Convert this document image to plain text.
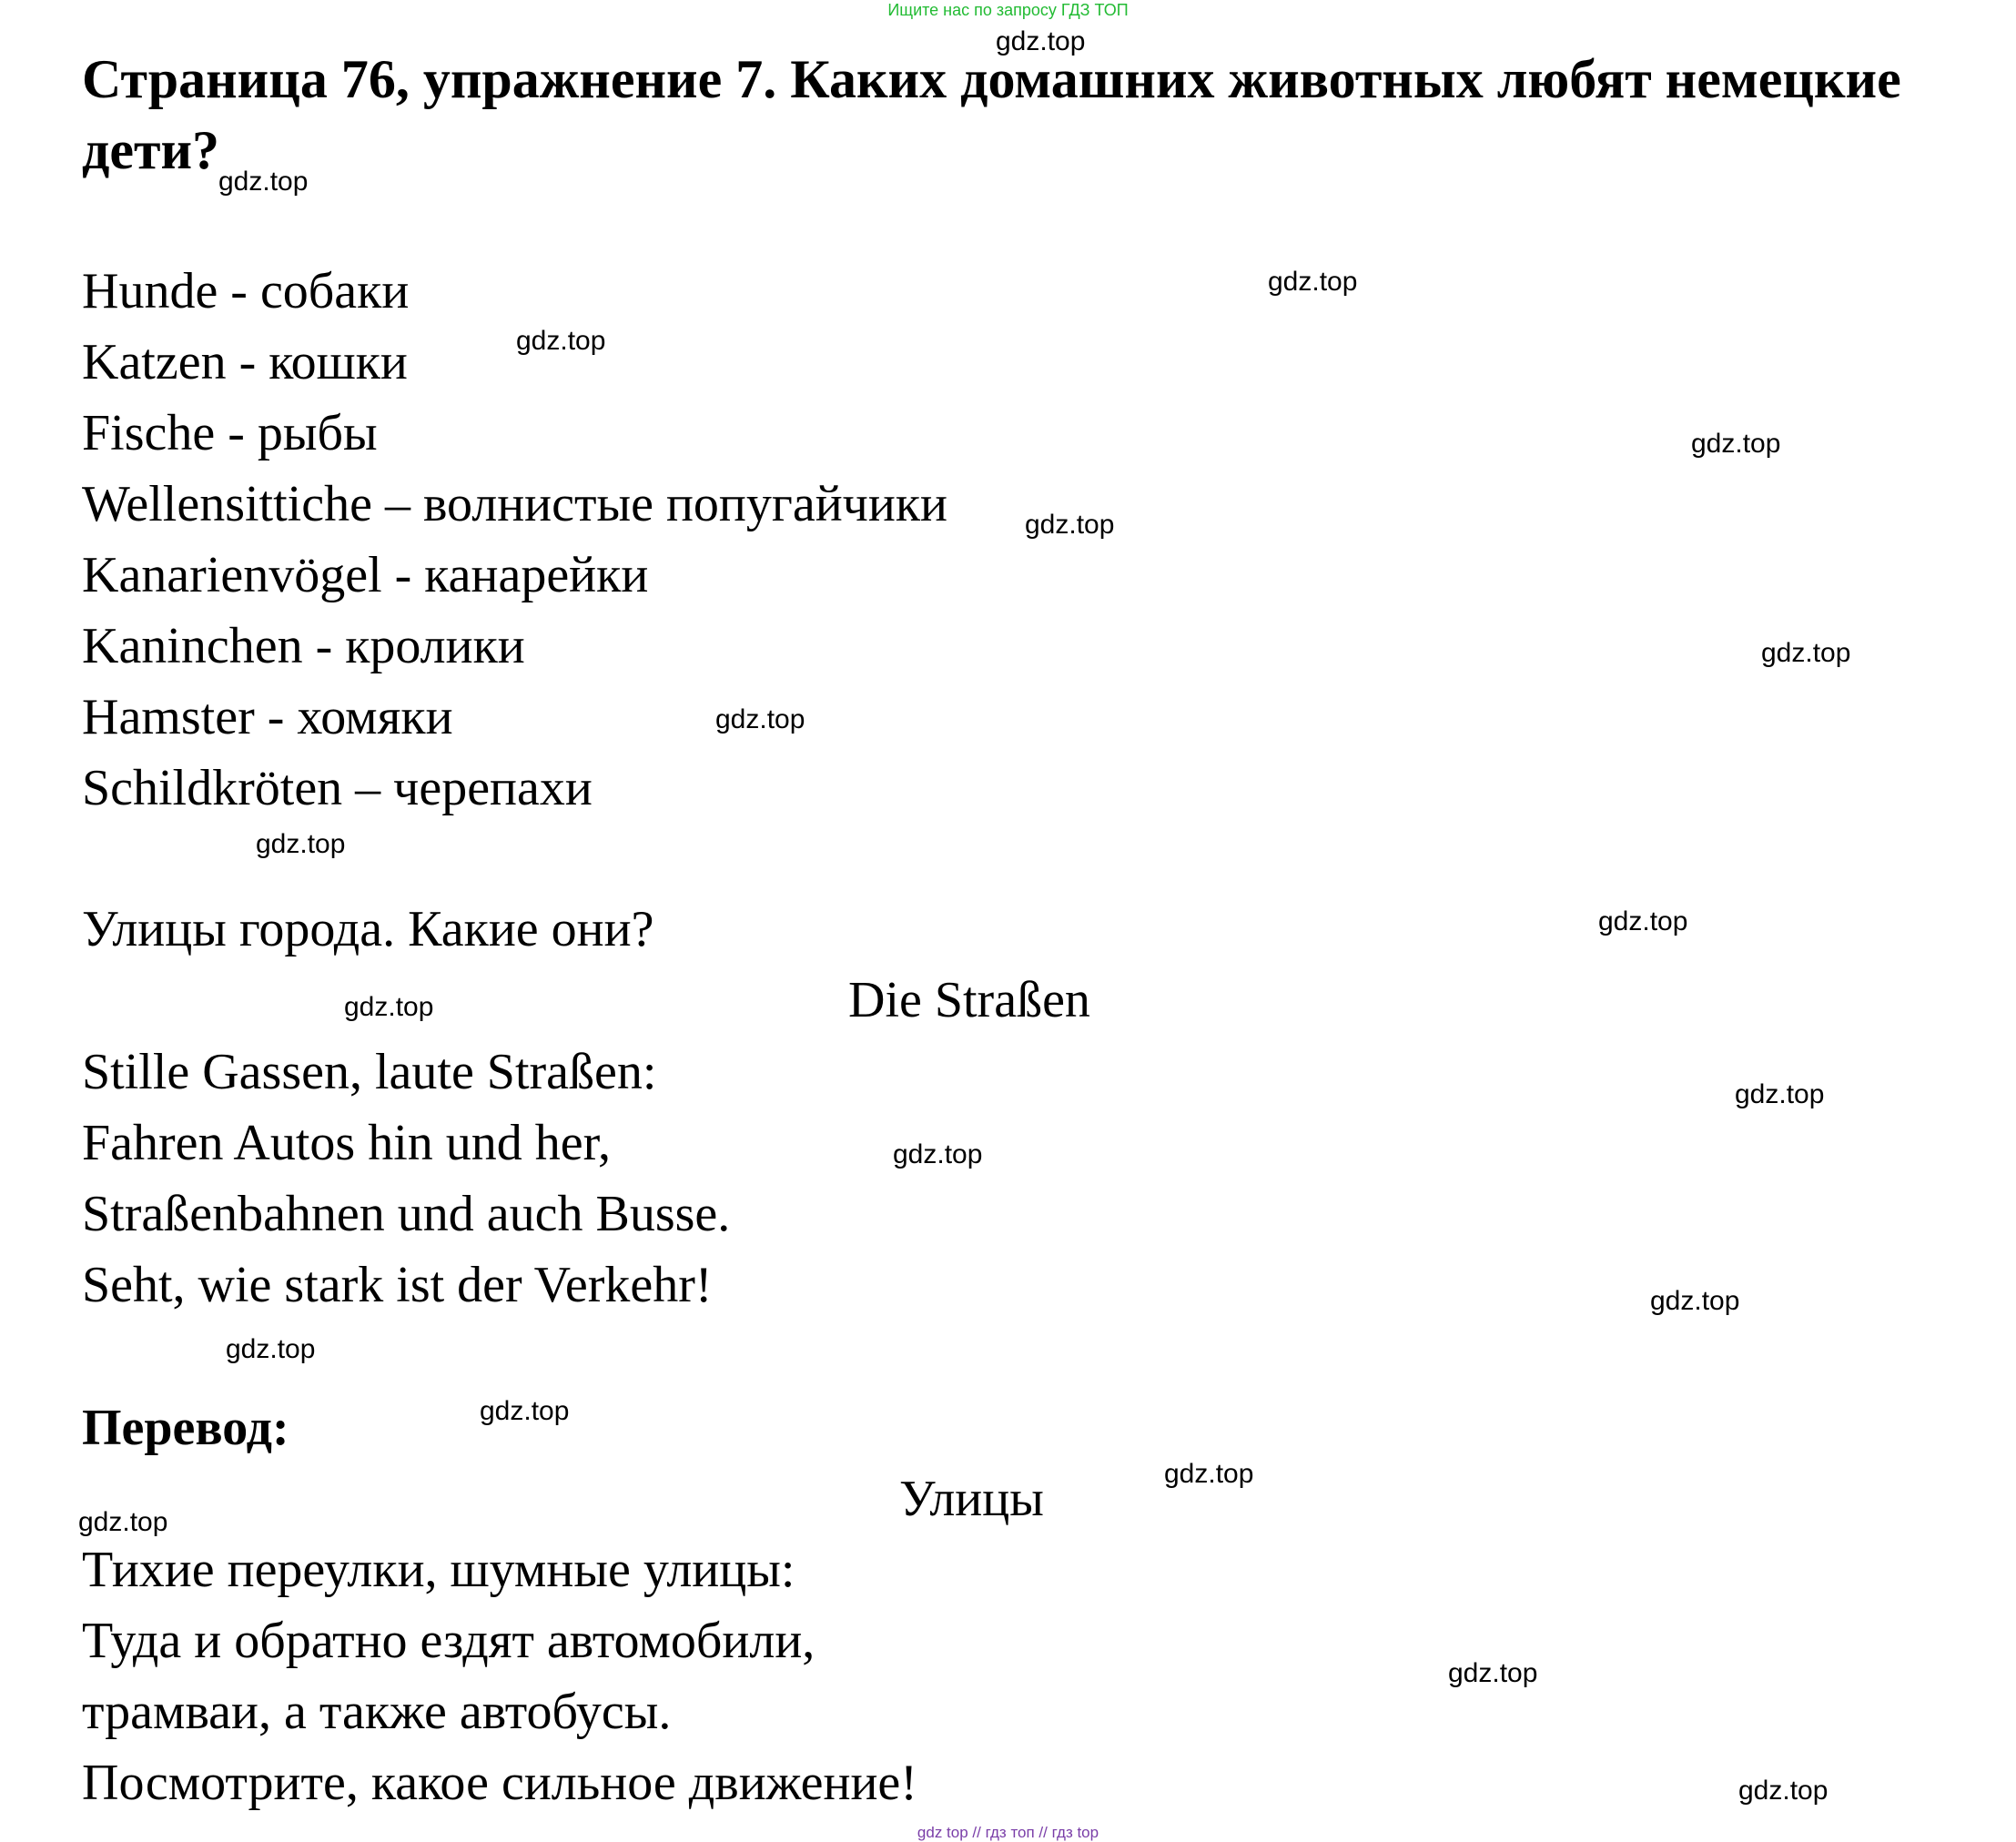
Ищите нас по запросу ГДЗ ТОП
Страница 76, упражнение 7. Каких домашних животных любят немецкие дети?
Hunde - собаки
Katzen - кошки
Fische - рыбы
Wellensittiche – волнистые попугайчики
Kanarienvögel - канарейки
Kaninchen - кролики
Hamster - хомяки
Schildkröten – черепахи
Улицы города. Какие они?
Die Straßen
Stille Gassen, laute Straßen:
Fahren Autos hin und her,
Straßenbahnen und auch Busse.
Seht, wie stark ist der Verkehr!
Перевод:
Улицы
Тихие переулки, шумные улицы:
Туда и обратно ездят автомобили,
трамваи, а также автобусы.
Посмотрите, какое сильное движение!
gdz.top
gdz.top
gdz.top
gdz.top
gdz.top
gdz.top
gdz.top
gdz.top
gdz.top
gdz.top
gdz.top
gdz.top
gdz.top
gdz.top
gdz.top
gdz.top
gdz.top
gdz.top
gdz.top
gdz.top
gdz top // гдз топ // гдз top
